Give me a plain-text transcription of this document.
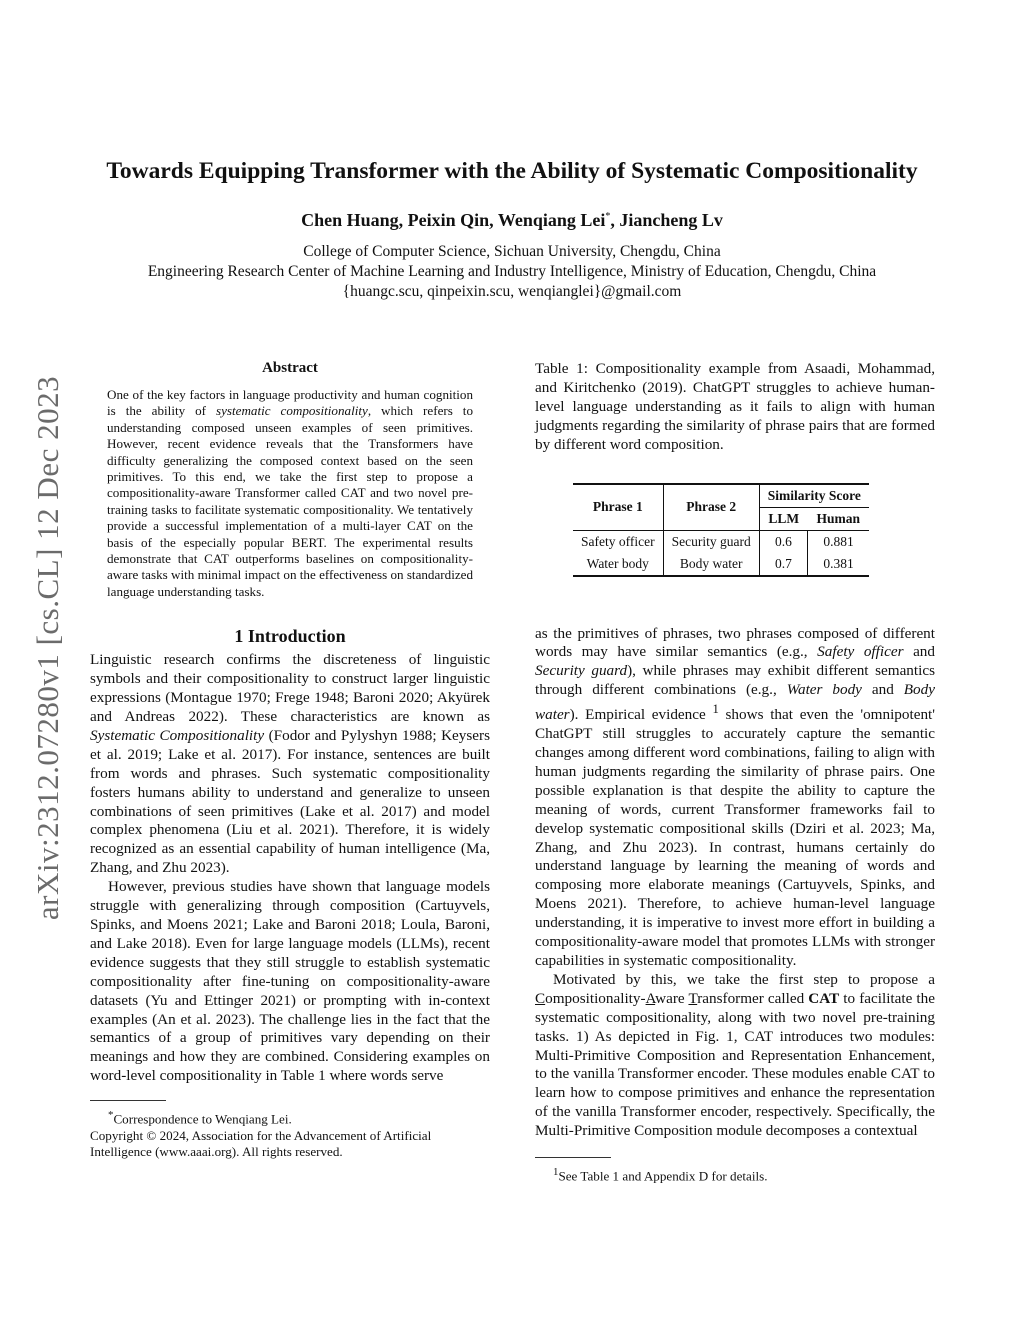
arXiv:2312.07280v1 [cs.CL] 12 Dec 2023
Towards Equipping Transformer with the Ability of Systematic Compositionality
Chen Huang, Peixin Qin, Wenqiang Lei*, Jiancheng Lv
College of Computer Science, Sichuan University, Chengdu, China
Engineering Research Center of Machine Learning and Industry Intelligence, Ministry of Education, Chengdu, China
{huangc.scu, qinpeixin.scu, wenqianglei}@gmail.com
Abstract

One of the key factors in language productivity and human cognition is the ability of systematic compositionality, which refers to understanding composed unseen examples of seen primitives. However, recent evidence reveals that the Transformers have difficulty generalizing the composed context based on the seen primitives. To this end, we take the first step to propose a compositionality-aware Transformer called CAT and two novel pre-training tasks to facilitate systematic compositionality. We tentatively provide a successful implementation of a multi-layer CAT on the basis of the especially popular BERT. The experimental results demonstrate that CAT outperforms baselines on compositionality-aware tasks with minimal impact on the effectiveness on standardized language understanding tasks.

1 Introduction

Linguistic research confirms the discreteness of linguistic symbols and their compositionality to construct larger linguistic expressions (Montague 1970; Frege 1948; Baroni 2020; Akyürek and Andreas 2022). These characteristics are known as Systematic Compositionality (Fodor and Pylyshyn 1988; Keysers et al. 2019; Lake et al. 2017). For instance, sentences are built from words and phrases. Such systematic compositionality fosters humans ability to understand and generalize to unseen combinations of seen primitives (Lake et al. 2017) and model complex phenomena (Liu et al. 2021). Therefore, it is widely recognized as an essential capability of human intelligence (Ma, Zhang, and Zhu 2023).

However, previous studies have shown that language models struggle with generalizing through composition (Cartuyvels, Spinks, and Moens 2021; Lake and Baroni 2018; Loula, Baroni, and Lake 2018). Even for large language models (LLMs), recent evidence suggests that they still struggle to establish systematic compositionality after fine-tuning on compositionality-aware datasets (Yu and Ettinger 2021) or prompting with in-context examples (An et al. 2023). The challenge lies in the fact that the semantics of a group of primitives vary depending on their meanings and how they are combined. Considering examples on word-level compositionality in Table 1 where words serve

*Correspondence to Wenqiang Lei.

Copyright © 2024, Association for the Advancement of Artificial Intelligence (www.aaai.org). All rights reserved.

Table 1: Compositionality example from Asaadi, Mohammad, and Kiritchenko (2019). ChatGPT struggles to achieve human-level language understanding as it fails to align with human judgments regarding the similarity of phrase pairs that are formed by different word composition.

Phrase 1	Phrase 2	Similarity Score	
		LLM	Human
Safety officer	Security guard	0.6	0.881
Water body	Body water	0.7	0.381

as the primitives of phrases, two phrases composed of different words may have similar semantics (e.g., Safety officer and Security guard), while phrases may exhibit different semantics through different combinations (e.g., Water body and Body water). Empirical evidence $^1$ shows that even the 'omnipotent' ChatGPT still struggles to accurately capture the semantic changes among different word combinations, failing to align with human judgments regarding the similarity of phrase pairs. One possible explanation is that despite the ability to capture the meaning of words, current Transformer frameworks fail to develop systematic compositional skills (Dziri et al. 2023; Ma, Zhang, and Zhu 2023). In contrast, humans certainly do understand language by learning the meaning of words and composing more elaborate meanings (Cartuyvels, Spinks, and Moens 2021). Therefore, to achieve human-level language understanding, it is imperative to invest more effort in building a compositionality-aware model that promotes LLMs with stronger capabilities in systematic compositionality.

Motivated by this, we take the first step to propose a Compositionality-Aware Transformer called CAT to facilitate the systematic compositionality, along with two novel pre-training tasks. 1) As depicted in Fig. 1, CAT introduces two modules: Multi-Primitive Composition and Representation Enhancement, to the vanilla Transformer encoder. These modules enable CAT to learn how to compose primitives and enhance the representation of the vanilla Transformer encoder, respectively. Specifically, the Multi-Primitive Composition module decomposes a contextual

$^1$See Table 1 and Appendix D for details.
